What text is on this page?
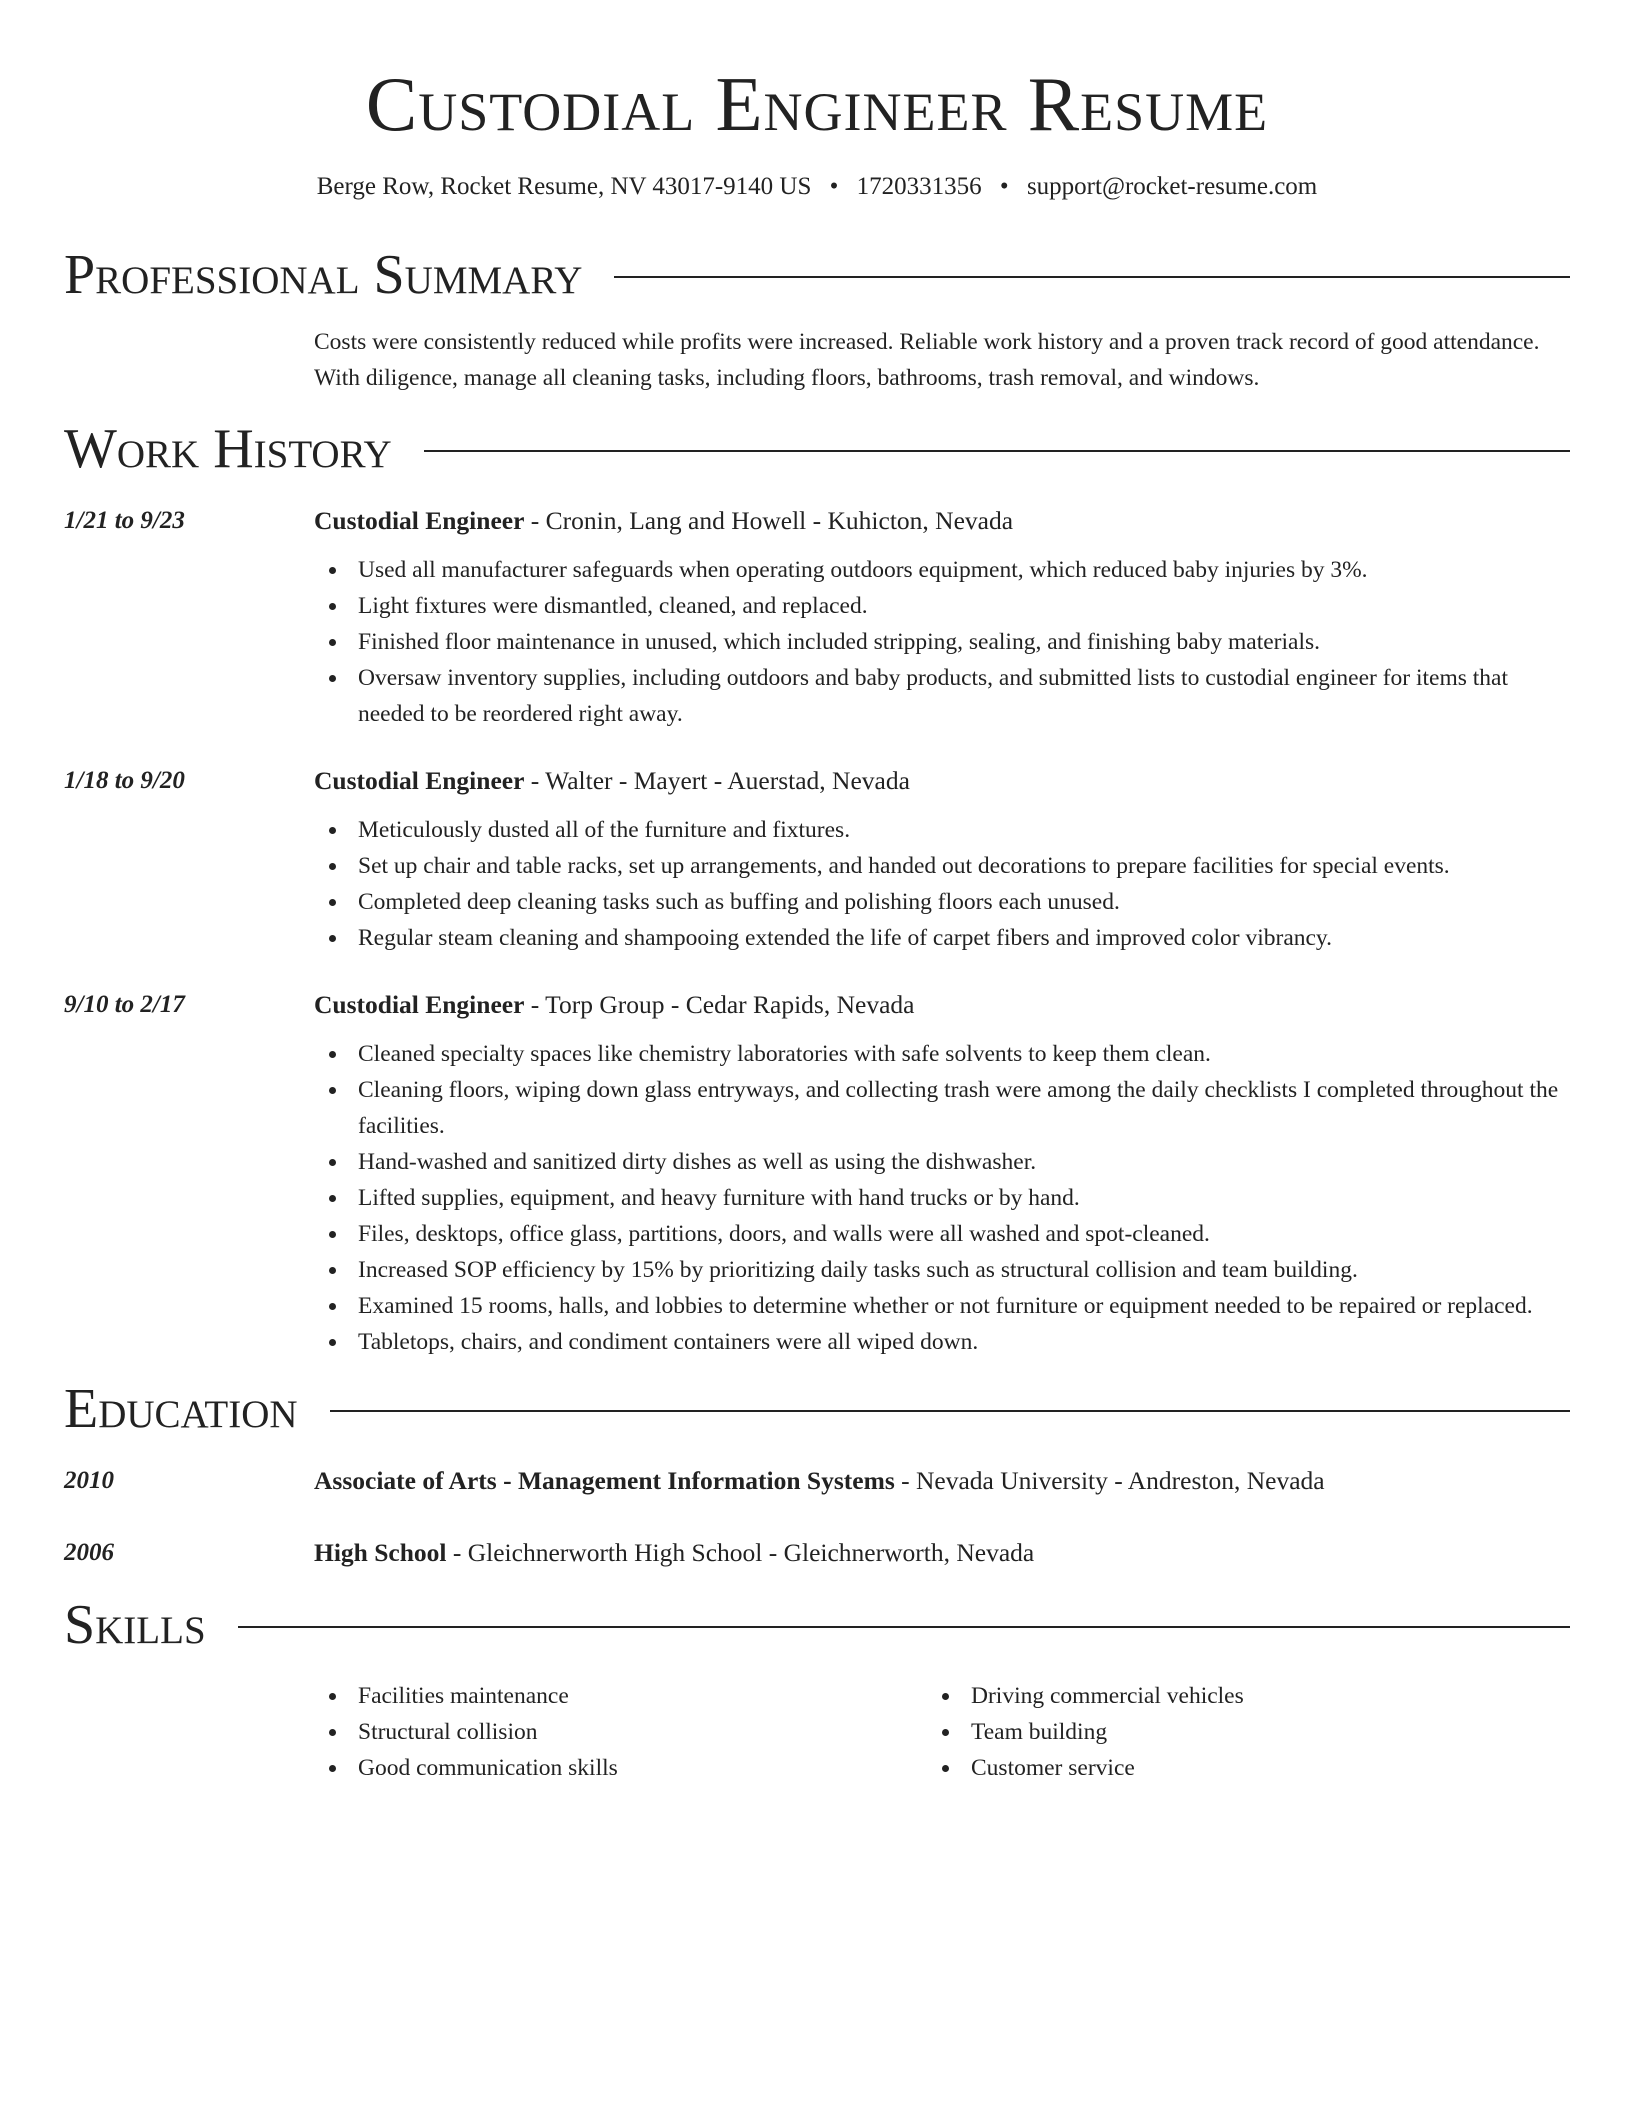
Custodial Engineer Resume
Berge Row, Rocket Resume, NV 43017-9140 US • 1720331356 • support@rocket-resume.com
Professional Summary
Costs were consistently reduced while profits were increased. Reliable work history and a proven track record of good attendance. With diligence, manage all cleaning tasks, including floors, bathrooms, trash removal, and windows.
Work History
1/21 to 9/23	Custodial Engineer - Cronin, Lang and Howell - Kuhicton, Nevada
Used all manufacturer safeguards when operating outdoors equipment, which reduced baby injuries by 3%.
Light fixtures were dismantled, cleaned, and replaced.
Finished floor maintenance in unused, which included stripping, sealing, and finishing baby materials.
Oversaw inventory supplies, including outdoors and baby products, and submitted lists to custodial engineer for items that needed to be reordered right away.
1/18 to 9/20	Custodial Engineer - Walter - Mayert - Auerstad, Nevada
Meticulously dusted all of the furniture and fixtures.
Set up chair and table racks, set up arrangements, and handed out decorations to prepare facilities for special events.
Completed deep cleaning tasks such as buffing and polishing floors each unused.
Regular steam cleaning and shampooing extended the life of carpet fibers and improved color vibrancy.
9/10 to 2/17	Custodial Engineer - Torp Group - Cedar Rapids, Nevada
Cleaned specialty spaces like chemistry laboratories with safe solvents to keep them clean.
Cleaning floors, wiping down glass entryways, and collecting trash were among the daily checklists I completed throughout the facilities.
Hand-washed and sanitized dirty dishes as well as using the dishwasher.
Lifted supplies, equipment, and heavy furniture with hand trucks or by hand.
Files, desktops, office glass, partitions, doors, and walls were all washed and spot-cleaned.
Increased SOP efficiency by 15% by prioritizing daily tasks such as structural collision and team building.
Examined 15 rooms, halls, and lobbies to determine whether or not furniture or equipment needed to be repaired or replaced.
Tabletops, chairs, and condiment containers were all wiped down.
Education
2010	Associate of Arts - Management Information Systems - Nevada University - Andreston, Nevada
2006	High School - Gleichnerworth High School - Gleichnerworth, Nevada
Skills
Facilities maintenance
Structural collision
Good communication skills
Driving commercial vehicles
Team building
Customer service
